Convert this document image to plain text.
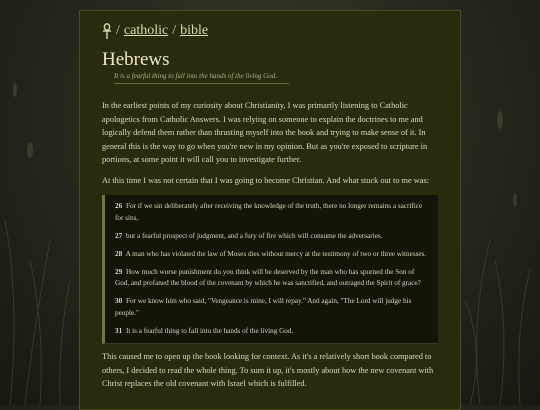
/ catholic / bible
Hebrews
It is a fearful thing to fall into the hands of the living God.

In the earliest points of my curiosity about Christianity, I was primarily listening to Catholic apologetics from Catholic Answers. I was relying on someone to explain the doctrines to me and logically defend them rather than thrusting myself into the book and trying to make sense of it. In general this is the way to go when you're new in my opinion. But as you're exposed to scripture in portions, at some point it will call you to investigate further.

At this time I was not certain that I was going to become Christian. And what stuck out to me was:

26 For if we sin deliberately after receiving the knowledge of the truth, there no longer remains a sacrifice for sins,
27 but a fearful prospect of judgment, and a fury of fire which will consume the adversaries.
28 A man who has violated the law of Moses dies without mercy at the testimony of two or three witnesses.
29 How much worse punishment do you think will be deserved by the man who has spurned the Son of God, and profaned the blood of the covenant by which he was sanctified, and outraged the Spirit of grace?
30 For we know him who said, "Vengeance is mine, I will repay." And again, "The Lord will judge his people."
31 It is a fearful thing to fall into the hands of the living God.

This caused me to open up the book looking for context. As it's a relatively short book compared to others, I decided to read the whole thing. To sum it up, it's mostly about how the new covenant with Christ replaces the old covenant with Israel which is fulfilled.
